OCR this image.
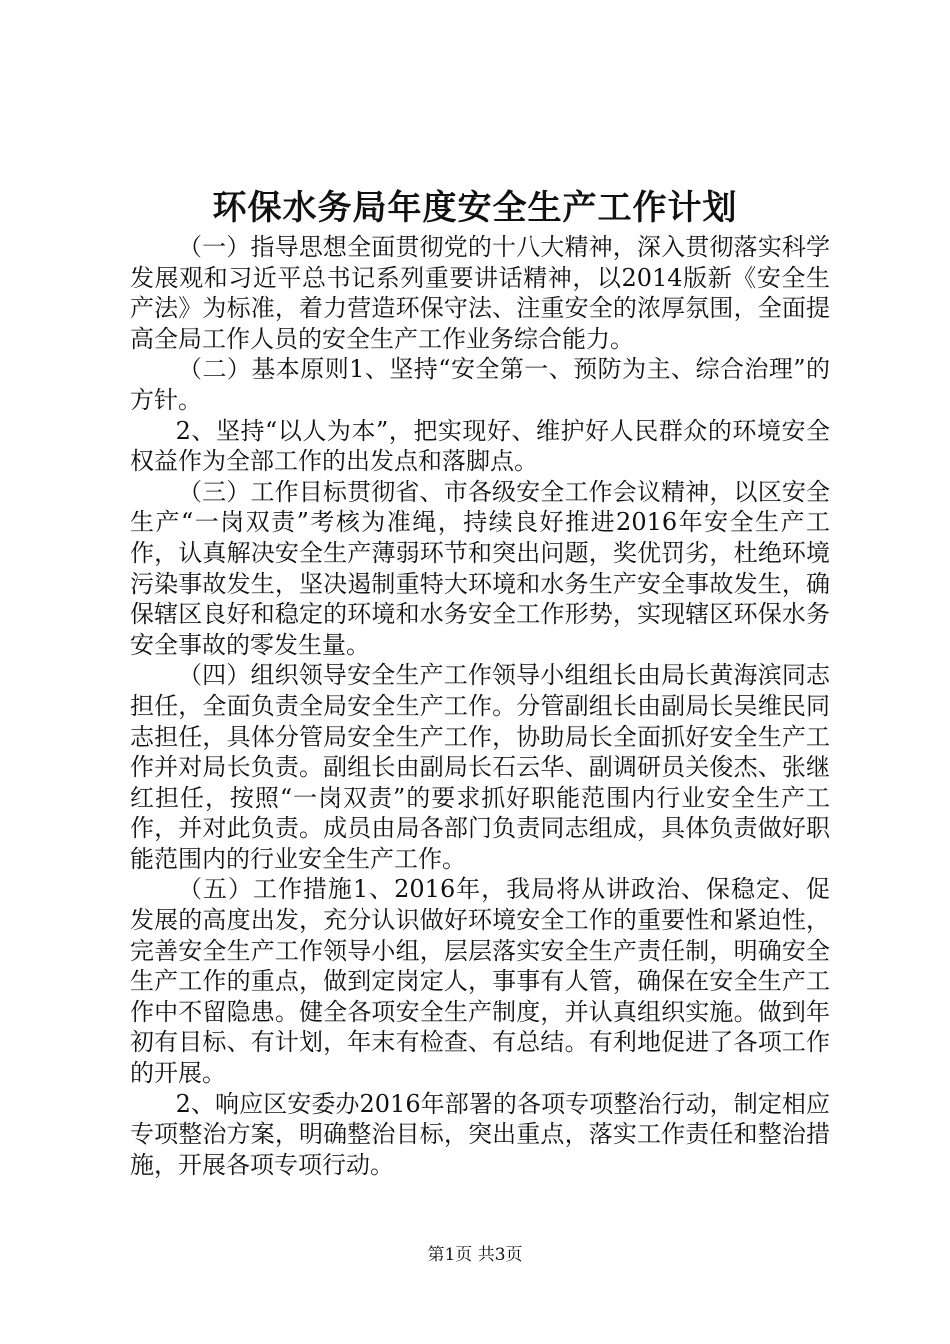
环保水务局年度安全生产工作计划

（一）指导思想全面贯彻党的十八大精神，深入贯彻落实科学发展观和习近平总书记系列重要讲话精神，以2014版新《安全生产法》为标准，着力营造环保守法、注重安全的浓厚氛围，全面提高全局工作人员的安全生产工作业务综合能力。

（二）基本原则1、坚持“安全第一、预防为主、综合治理”的方针。

2、坚持“以人为本”，把实现好、维护好人民群众的环境安全权益作为全部工作的出发点和落脚点。

（三）工作目标贯彻省、市各级安全工作会议精神，以区安全生产“一岗双责”考核为准绳，持续良好推进2016年安全生产工作，认真解决安全生产薄弱环节和突出问题，奖优罚劣，杜绝环境污染事故发生，坚决遏制重特大环境和水务生产安全事故发生，确保辖区良好和稳定的环境和水务安全工作形势，实现辖区环保水务安全事故的零发生量。

（四）组织领导安全生产工作领导小组组长由局长黄海滨同志担任，全面负责全局安全生产工作。分管副组长由副局长吴维民同志担任，具体分管局安全生产工作，协助局长全面抓好安全生产工作并对局长负责。副组长由副局长石云华、副调研员关俊杰、张继红担任，按照“一岗双责”的要求抓好职能范围内行业安全生产工作，并对此负责。成员由局各部门负责同志组成，具体负责做好职能范围内的行业安全生产工作。

（五）工作措施1、2016年，我局将从讲政治、保稳定、促发展的高度出发，充分认识做好环境安全工作的重要性和紧迫性，完善安全生产工作领导小组，层层落实安全生产责任制，明确安全生产工作的重点，做到定岗定人，事事有人管，确保在安全生产工作中不留隐患。健全各项安全生产制度，并认真组织实施。做到年初有目标、有计划，年末有检查、有总结。有利地促进了各项工作的开展。

2、响应区安委办2016年部署的各项专项整治行动，制定相应专项整治方案，明确整治目标，突出重点，落实工作责任和整治措施，开展各项专项行动。

第1页 共3页
